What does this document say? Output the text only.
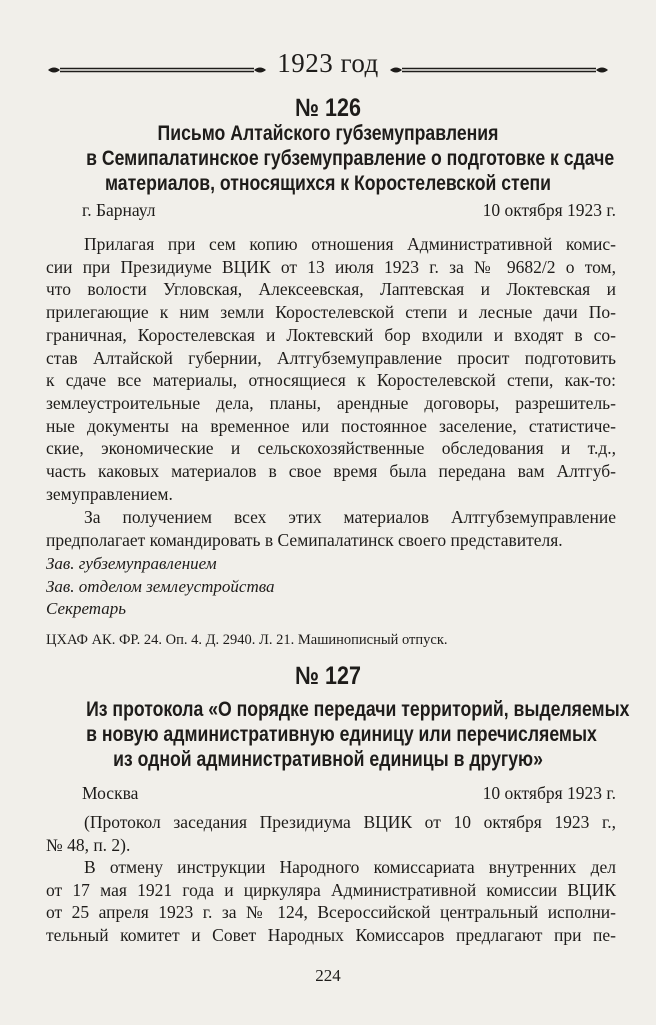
1923 год
№ 126
Письмо Алтайского губземуправления
в Семипалатинское губземуправление о подготовке к сдаче
материалов, относящихся к Коростелевской степи
г. Барнаул	10 октября 1923 г.
Прилагая при сем копию отношения Административной комис-
сии при Президиуме ВЦИК от 13 июля 1923 г. за № 9682/2 о том,
что волости Угловская, Алексеевская, Лаптевская и Локтевская и
прилегающие к ним земли Коростелевской степи и лесные дачи По-
граничная, Коростелевская и Локтевский бор входили и входят в со-
став Алтайской губернии, Алтгубземуправление просит подготовить
к сдаче все материалы, относящиеся к Коростелевской степи, как-то:
землеустроительные дела, планы, арендные договоры, разрешитель-
ные документы на временное или постоянное заселение, статистиче-
ские, экономические и сельскохозяйственные обследования и т.д.,
часть каковых материалов в свое время была передана вам Алтгуб-
земуправлением.
За получением всех этих материалов Алтгубземуправление
предполагает командировать в Семипалатинск своего представителя.
Зав. губземуправлением
Зав. отделом землеустройства
Секретарь
ЦХАФ АК. ФР. 24. Оп. 4. Д. 2940. Л. 21. Машинописный отпуск.
№ 127
Из протокола «О порядке передачи территорий, выделяемых
в новую административную единицу или перечисляемых
из одной административной единицы в другую»
Москва	10 октября 1923 г.
(Протокол заседания Президиума ВЦИК от 10 октября 1923 г.,
№ 48, п. 2).
В отмену инструкции Народного комиссариата внутренних дел
от 17 мая 1921 года и циркуляра Административной комиссии ВЦИК
от 25 апреля 1923 г. за № 124, Всероссийской центральный исполни-
тельный комитет и Совет Народных Комиссаров предлагают при пе-
224
